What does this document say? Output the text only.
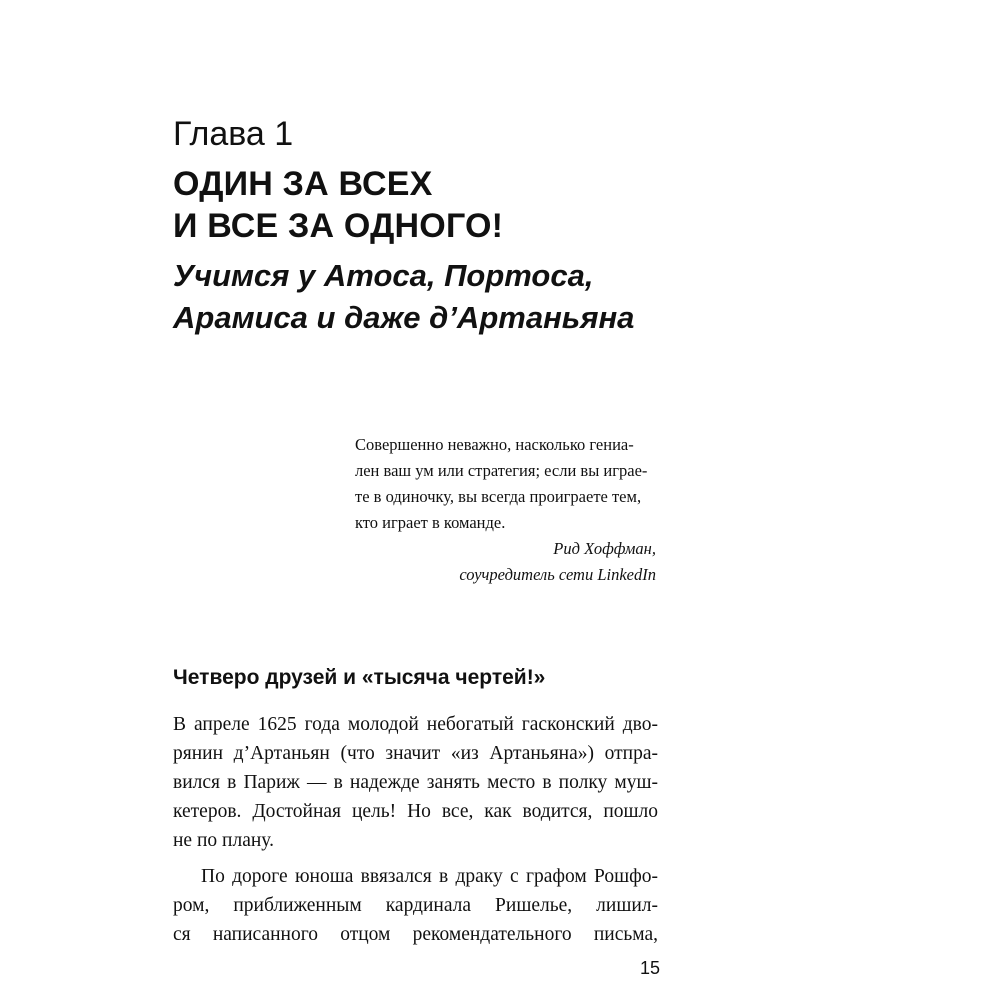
Глава 1
ОДИН ЗА ВСЕХ
И ВСЕ ЗА ОДНОГО!
Учимся у Атоса, Портоса,
Арамиса и даже д’Артаньяна
Совершенно неважно, насколько гениа-
лен ваш ум или стратегия; если вы играе-
те в одиночку, вы всегда проиграете тем,
кто играет в команде.
Рид Хоффман,
соучредитель сети LinkedIn
Четверо друзей и «тысяча чертей!»
В апреле 1625 года молодой небогатый гасконский дво-
рянин д’Артаньян (что значит «из Артаньяна») отпра-
вился в Париж — в надежде занять место в полку муш-
кетеров. Достойная цель! Но все, как водится, пошло
не по плану.
По дороге юноша ввязался в драку с графом Рошфо-
ром, приближенным кардинала Ришелье, лишил-
ся написанного отцом рекомендательного письма,
15
